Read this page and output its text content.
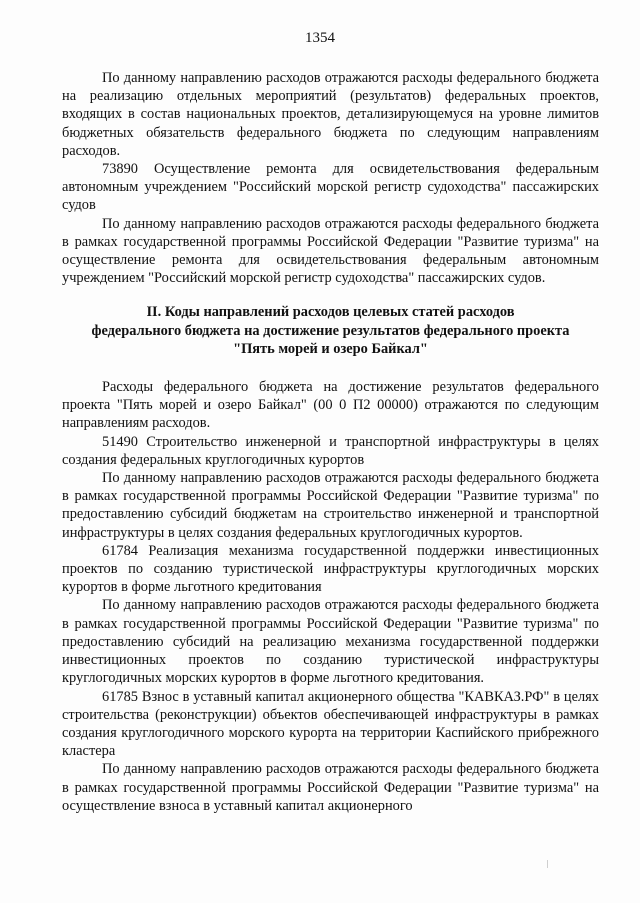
1354

По данному направлению расходов отражаются расходы федерального бюджета на реализацию отдельных мероприятий (результатов) федеральных проектов, входящих в состав национальных проектов, детализирующемуся на уровне лимитов бюджетных обязательств федерального бюджета по следующим направлениям расходов.

73890 Осуществление ремонта для освидетельствования федеральным автономным учреждением "Российский морской регистр судоходства" пассажирских судов

По данному направлению расходов отражаются расходы федерального бюджета в рамках государственной программы Российской Федерации "Развитие туризма" на осуществление ремонта для освидетельствования федеральным автономным учреждением "Российский морской регистр судоходства" пассажирских судов.

II. Коды направлений расходов целевых статей расходов
федерального бюджета на достижение результатов федерального проекта
"Пять морей и озеро Байкал"

Расходы федерального бюджета на достижение результатов федерального проекта "Пять морей и озеро Байкал" (00 0 П2 00000) отражаются по следующим направлениям расходов.

51490 Строительство инженерной и транспортной инфраструктуры в целях создания федеральных круглогодичных курортов

По данному направлению расходов отражаются расходы федерального бюджета в рамках государственной программы Российской Федерации "Развитие туризма" по предоставлению субсидий бюджетам на строительство инженерной и транспортной инфраструктуры в целях создания федеральных круглогодичных курортов.

61784 Реализация механизма государственной поддержки инвестиционных проектов по созданию туристической инфраструктуры круглогодичных морских курортов в форме льготного кредитования

По данному направлению расходов отражаются расходы федерального бюджета в рамках государственной программы Российской Федерации "Развитие туризма" по предоставлению субсидий на реализацию механизма государственной поддержки инвестиционных проектов по созданию туристической инфраструктуры круглогодичных морских курортов в форме льготного кредитования.

61785 Взнос в уставный капитал акционерного общества "КАВКАЗ.РФ" в целях строительства (реконструкции) объектов обеспечивающей инфраструктуры в рамках создания круглогодичного морского курорта на территории Каспийского прибрежного кластера

По данному направлению расходов отражаются расходы федерального бюджета в рамках государственной программы Российской Федерации "Развитие туризма" на осуществление взноса в уставный капитал акционерного
